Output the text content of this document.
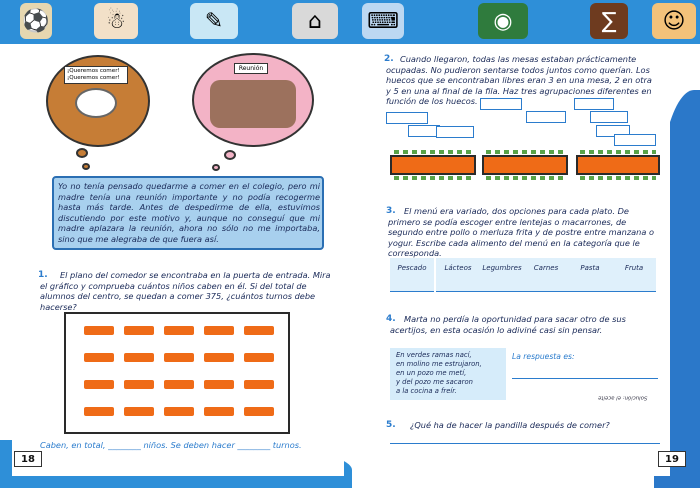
⚽	☃	✎	⌂	⌨	◉	∑	☺
¡Queremos comer! ¡Queremos comer!
Reunión
Yo no tenía pensado quedarme a comer en el colegio, pero mi madre tenía una reunión importante y no podía recogerme hasta más tarde. Antes de despedirme de ella, estuvimos discutiendo por este motivo y, aunque no conseguí que mi madre aplazara la reunión, ahora no sólo no me importaba, sino que me alegraba de que fuera así.
1.	El plano del comedor se encontraba en la puerta de entrada. Mira el gráfico y comprueba cuántos niños caben en él. Si del total de alumnos del centro, se quedan a comer 375, ¿cuántos turnos debe hacerse?
Caben, en total, ________ niños. Se deben hacer ________ turnos.
2. Cuando llegaron, todas las mesas estaban prácticamente ocupadas. No pudieron sentarse todos juntos como querían. Los huecos que se encontraban libres eran 3 en una mesa, 2 en otra y 5 en una al final de la fila. Haz tres agrupaciones diferentes en función de los huecos.
3.	El menú era variado, dos opciones para cada plato. De primero se podía escoger entre lentejas o macarrones, de segundo entre pollo o merluza frita y de postre entre manzana o yogur. Escribe cada alimento del menú en la categoría que le corresponda.
Pescado	Lácteos	Legumbres	Carnes	Pasta	Fruta
4.	Marta no perdía la oportunidad para sacar otro de sus acertijos, en esta ocasión lo adiviné casi sin pensar.
En verdes ramas nací,
en molino me estrujaron,
en un pozo me metí,
y del pozo me sacaron
a la cocina a freír.
La respuesta es:
Solución: el aceite
5. ¿Qué ha de hacer la pandilla después de comer?
18	19
